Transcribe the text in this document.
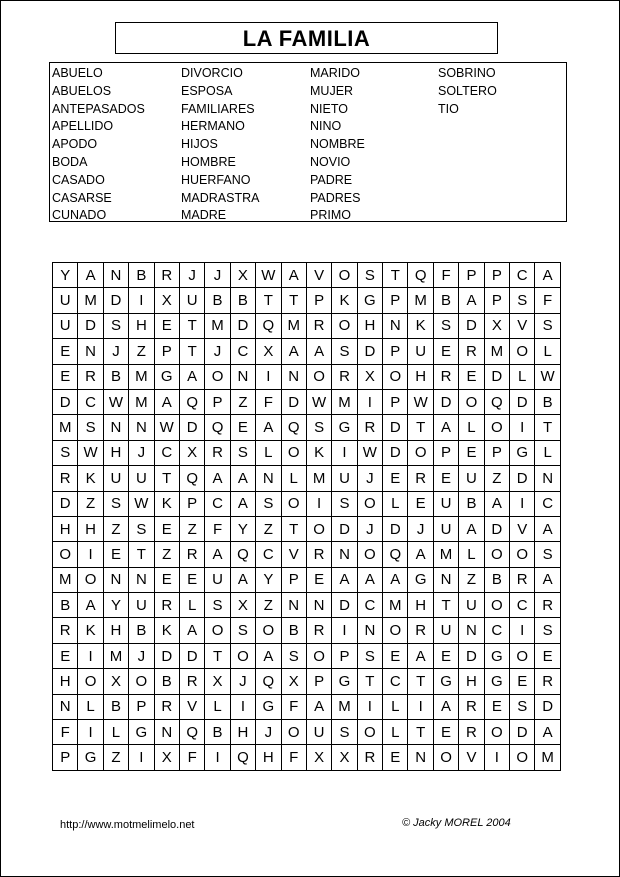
LA FAMILIA
ABUELO
ABUELOS
ANTEPASADOS
APELLIDO
APODO
BODA
CASADO
CASARSE
CUNADO
DIVORCIO
ESPOSA
FAMILIARES
HERMANO
HIJOS
HOMBRE
HUERFANO
MADRASTRA
MADRE
MARIDO
MUJER
NIETO
NINO
NOMBRE
NOVIO
PADRE
PADRES
PRIMO
SOBRINO
SOLTERO
TIO
Y	A	N	B	R	J	J	X	W	A	V	O	S	T	Q	F	P	P	C	A
U	M	D	I	X	U	B	B	T	T	P	K	G	P	M	B	A	P	S	F
U	D	S	H	E	T	M	D	Q	M	R	O	H	N	K	S	D	X	V	S
E	N	J	Z	P	T	J	C	X	A	A	S	D	P	U	E	R	M	O	L
E	R	B	M	G	A	O	N	I	N	O	R	X	O	H	R	E	D	L	W
D	C	W	M	A	Q	P	Z	F	D	W	M	I	P	W	D	O	Q	D	B
M	S	N	N	W	D	Q	E	A	Q	S	G	R	D	T	A	L	O	I	T
S	W	H	J	C	X	R	S	L	O	K	I	W	D	O	P	E	P	G	L
R	K	U	U	T	Q	A	A	N	L	M	U	J	E	R	E	U	Z	D	N
D	Z	S	W	K	P	C	A	S	O	I	S	O	L	E	U	B	A	I	C
H	H	Z	S	E	Z	F	Y	Z	T	O	D	J	D	J	U	A	D	V	A
O	I	E	T	Z	R	A	Q	C	V	R	N	O	Q	A	M	L	O	O	S
M	O	N	N	E	E	U	A	Y	P	E	A	A	A	G	N	Z	B	R	A
B	A	Y	U	R	L	S	X	Z	N	N	D	C	M	H	T	U	O	C	R
R	K	H	B	K	A	O	S	O	B	R	I	N	O	R	U	N	C	I	S
E	I	M	J	D	D	T	O	A	S	O	P	S	E	A	E	D	G	O	E
H	O	X	O	B	R	X	J	Q	X	P	G	T	C	T	G	H	G	E	R
N	L	B	P	R	V	L	I	G	F	A	M	I	L	I	A	R	E	S	D
F	I	L	G	N	Q	B	H	J	O	U	S	O	L	T	E	R	O	D	A
P	G	Z	I	X	F	I	Q	H	F	X	X	R	E	N	O	V	I	O	M
http://www.motmelimelo.net	© Jacky MOREL 2004
